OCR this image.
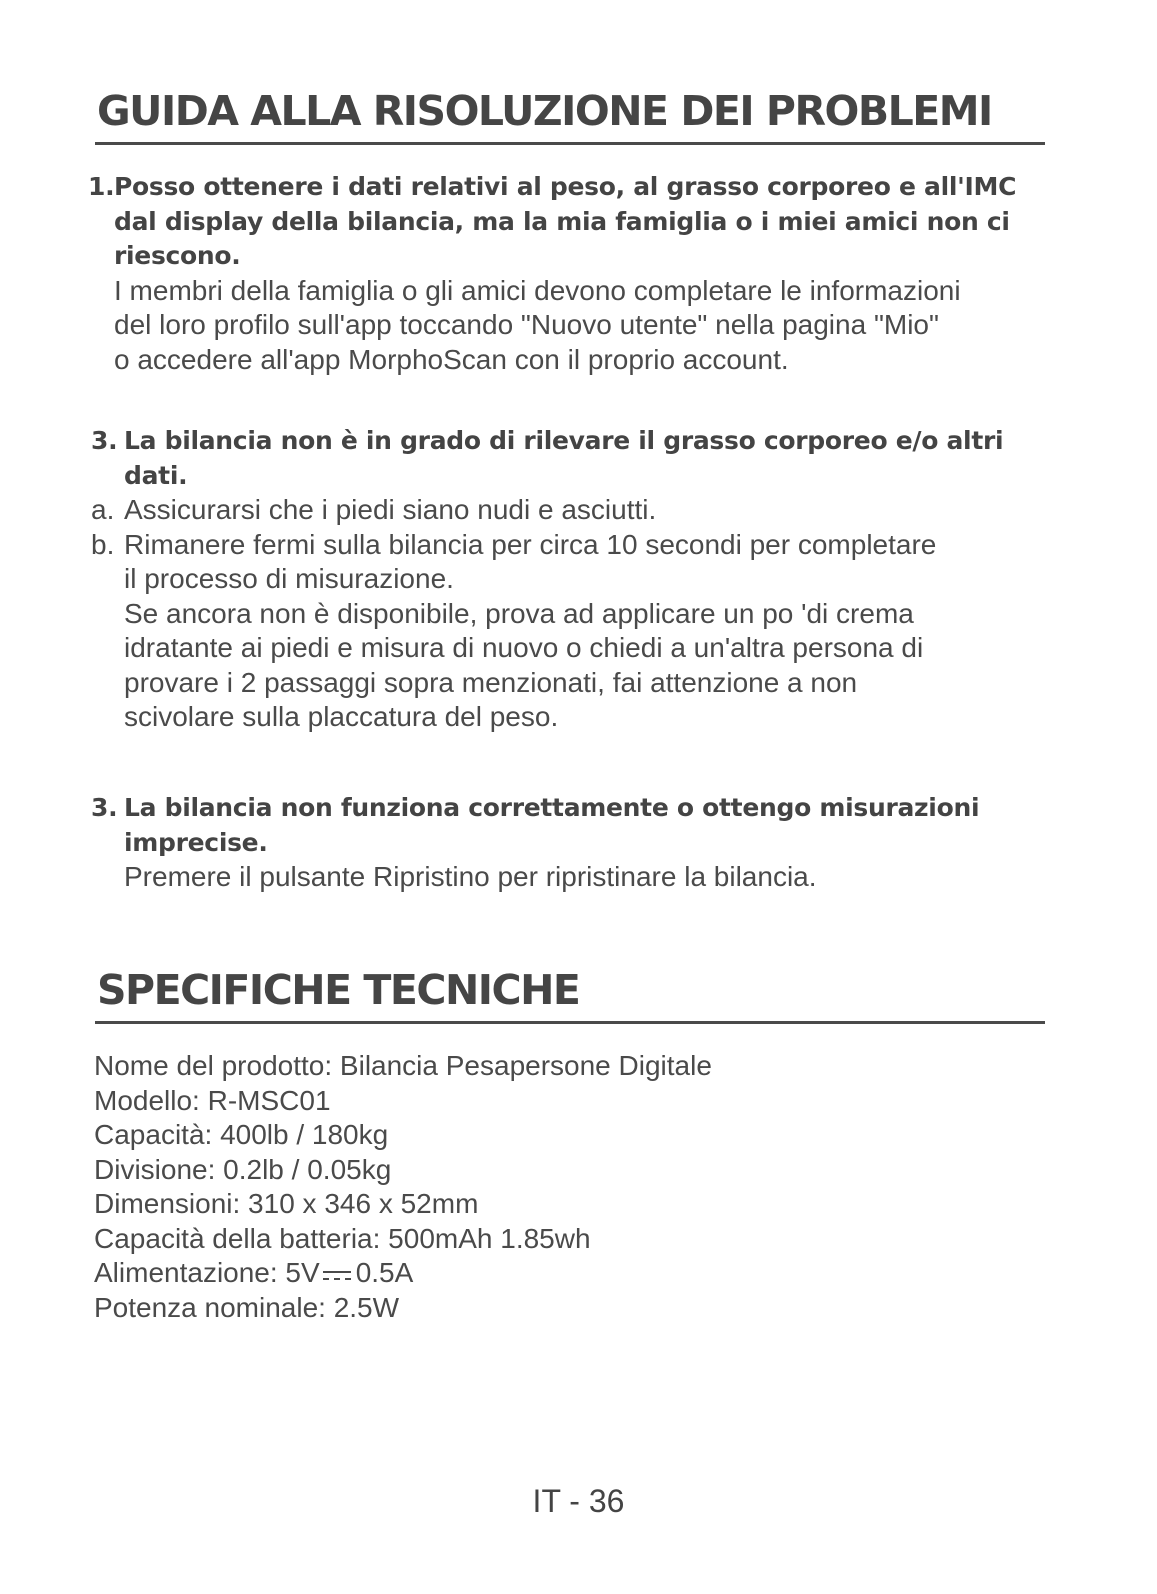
GUIDA ALLA RISOLUZIONE DEI PROBLEMI
1. Posso ottenere i dati relativi al peso, al grasso corporeo e all'IMC
dal display della bilancia, ma la mia famiglia o i miei amici non ci
riescono.
I membri della famiglia o gli amici devono completare le informazioni
del loro profilo sull'app toccando "Nuovo utente" nella pagina "Mio"
o accedere all'app MorphoScan con il proprio account.
3. La bilancia non è in grado di rilevare il grasso corporeo e/o altri
dati.
a. Assicurarsi che i piedi siano nudi e asciutti.
b. Rimanere fermi sulla bilancia per circa 10 secondi per completare
il processo di misurazione.
Se ancora non è disponibile, prova ad applicare un po 'di crema
idratante ai piedi e misura di nuovo o chiedi a un'altra persona di
provare i 2 passaggi sopra menzionati, fai attenzione a non
scivolare sulla placcatura del peso.
3. La bilancia non funziona correttamente o ottengo misurazioni
imprecise.
Premere il pulsante Ripristino per ripristinare la bilancia.
SPECIFICHE TECNICHE
Nome del prodotto: Bilancia Pesapersone Digitale
Modello: R-MSC01
Capacità: 400lb / 180kg
Divisione: 0.2lb / 0.05kg
Dimensioni: 310 x 346 x 52mm
Capacità della batteria: 500mAh 1.85wh
Alimentazione: 5V 0.5A
Potenza nominale: 2.5W
IT - 36
